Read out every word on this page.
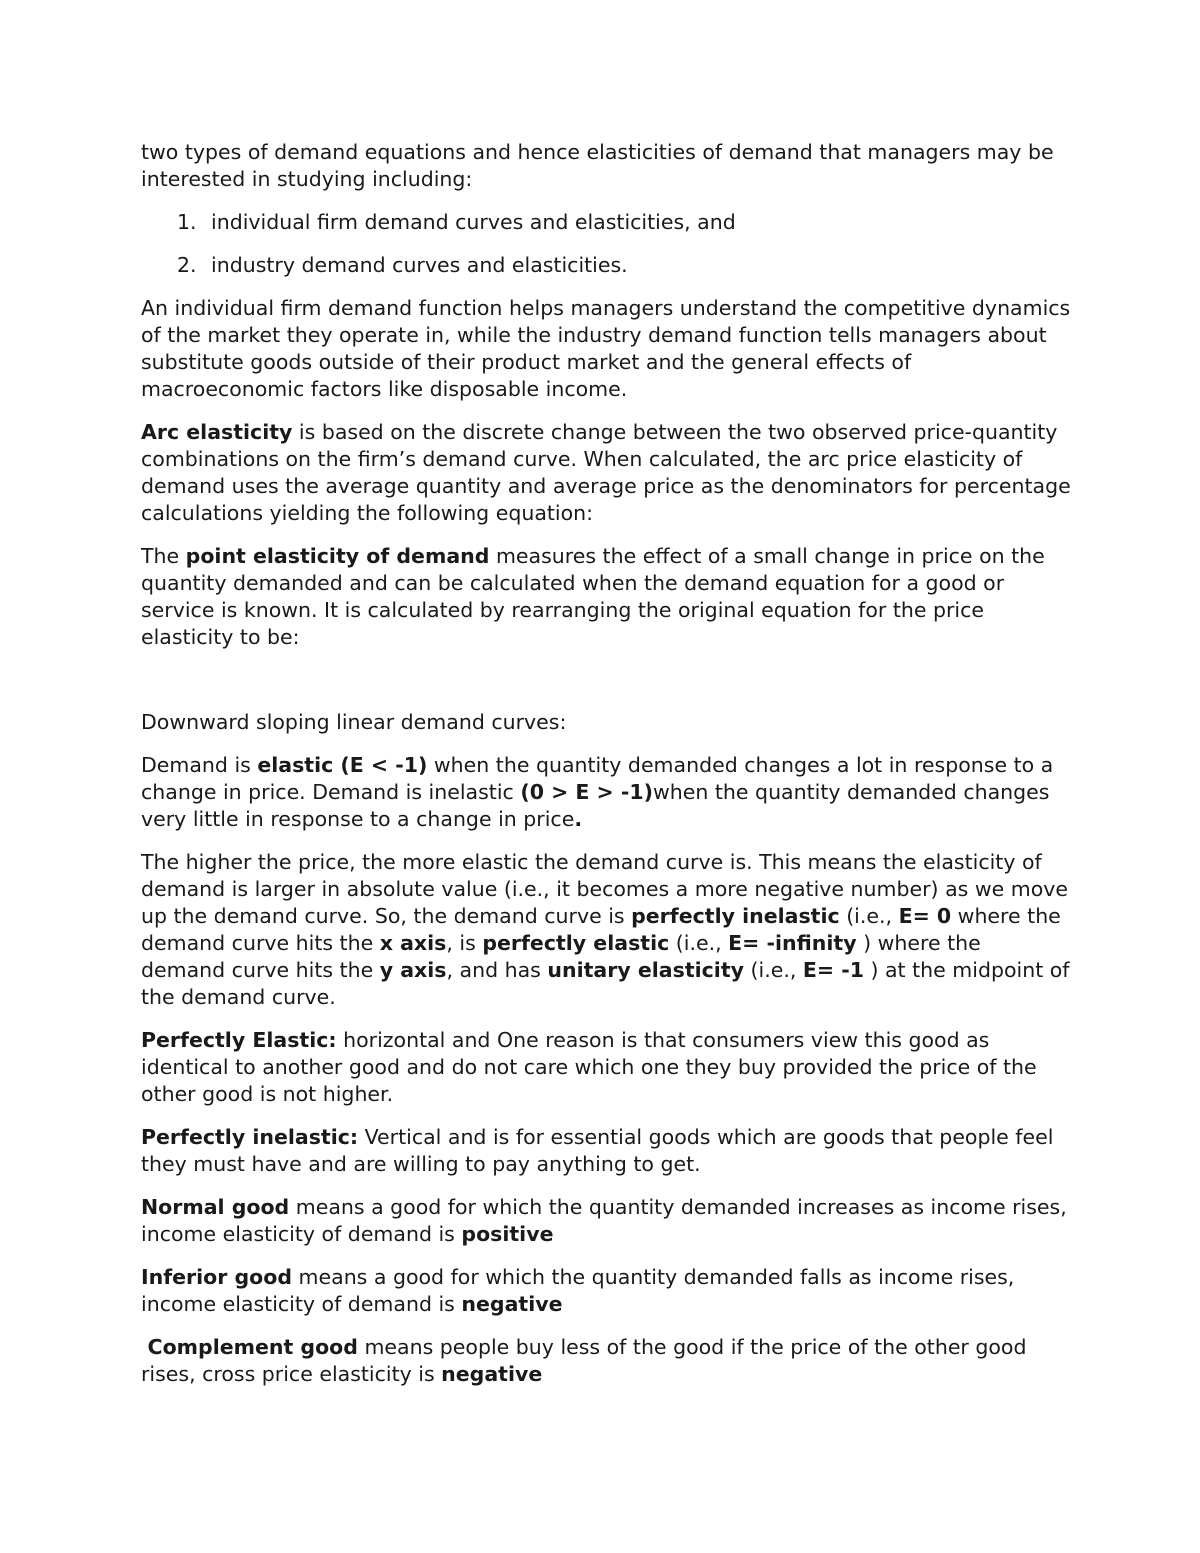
two types of demand equations and hence elasticities of demand that managers may be interested in studying including:

1. individual firm demand curves and elasticities, and
2. industry demand curves and elasticities.

An individual firm demand function helps managers understand the competitive dynamics of the market they operate in, while the industry demand function tells managers about substitute goods outside of their product market and the general effects of macroeconomic factors like disposable income.

Arc elasticity is based on the discrete change between the two observed price-quantity combinations on the firm’s demand curve. When calculated, the arc price elasticity of demand uses the average quantity and average price as the denominators for percentage calculations yielding the following equation:

The point elasticity of demand measures the effect of a small change in price on the quantity demanded and can be calculated when the demand equation for a good or service is known. It is calculated by rearranging the original equation for the price elasticity to be:

Downward sloping linear demand curves:

Demand is elastic (E < -1) when the quantity demanded changes a lot in response to a change in price. Demand is inelastic (0 > E > -1)when the quantity demanded changes very little in response to a change in price.

The higher the price, the more elastic the demand curve is. This means the elasticity of demand is larger in absolute value (i.e., it becomes a more negative number) as we move up the demand curve. So, the demand curve is perfectly inelastic (i.e., E= 0 where the demand curve hits the x axis, is perfectly elastic (i.e., E= -infinity ) where the demand curve hits the y axis, and has unitary elasticity (i.e., E= -1 ) at the midpoint of the demand curve.

Perfectly Elastic: horizontal and One reason is that consumers view this good as identical to another good and do not care which one they buy provided the price of the other good is not higher.

Perfectly inelastic: Vertical and is for essential goods which are goods that people feel they must have and are willing to pay anything to get.

Normal good means a good for which the quantity demanded increases as income rises, income elasticity of demand is positive

Inferior good means a good for which the quantity demanded falls as income rises, income elasticity of demand is negative

Complement good means people buy less of the good if the price of the other good rises, cross price elasticity is negative
